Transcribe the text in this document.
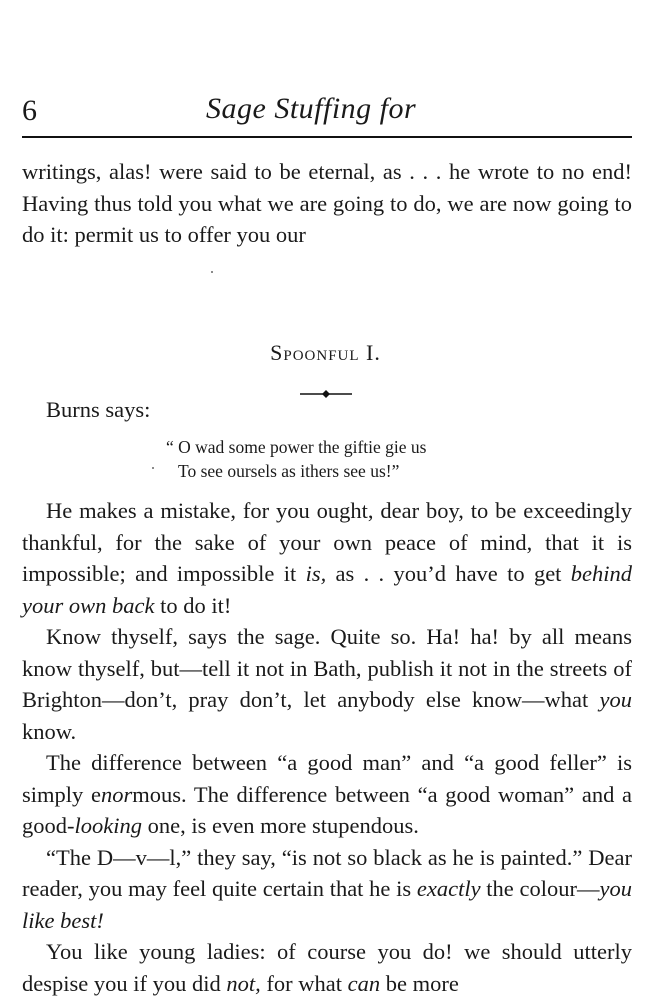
6	Sage Stuffing for

writings, alas! were said to be eternal, as . . . he wrote to no end! Having thus told you what we are going to do, we are now going to do it: permit us to offer you our

Spoonful I.
Burns says:
“ O wad some power the giftie gie us
To see oursels as ithers see us!”

He makes a mistake, for you ought, dear boy, to be exceedingly thankful, for the sake of your own peace of mind, that it is impossible; and impossible it is, as . . you’d have to get behind your own back to do it!

Know thyself, says the sage. Quite so. Ha! ha! by all means know thyself, but—tell it not in Bath, publish it not in the streets of Brighton—don’t, pray don’t, let anybody else know—what you know.

The difference between “a good man” and “a good feller” is simply enormous. The difference between “a good woman” and a good-looking one, is even more stupendous.

“The D—v—l,” they say, “is not so black as he is painted.” Dear reader, you may feel quite certain that he is exactly the colour—you like best!

You like young ladies: of course you do! we should utterly despise you if you did not, for what can be more
